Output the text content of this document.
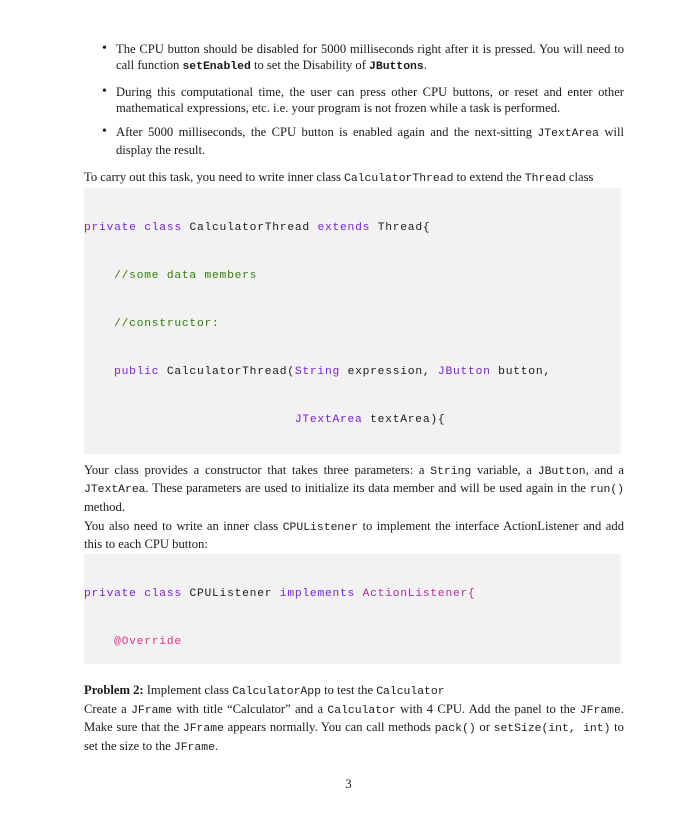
• The CPU button should be disabled for 5000 milliseconds right after it is pressed. You will need to call function setEnabled to set the Disability of JButtons.
• During this computational time, the user can press other CPU buttons, or reset and enter other mathematical expressions, etc. i.e. your program is not frozen while a task is performed.
• After 5000 milliseconds, the CPU button is enabled again and the next-sitting JTextArea will display the result.

To carry out this task, you need to write inner class CalculatorThread to extend the Thread class

private class CalculatorThread extends Thread{

//some data members

//constructor:

public CalculatorThread(String expression, JButton button,

JTextArea textArea){

Your class provides a constructor that takes three parameters: a String variable, a JButton, and a JTextArea. These parameters are used to initialize its data member and will be used again in the run() method.

You also need to write an inner class CPUListener to implement the interface ActionListener and add this to each CPU button:

private class CPUListener implements ActionListener{

@Override

Problem 2: Implement class CalculatorApp to test the Calculator

Create a JFrame with title “Calculator” and a Calculator with 4 CPU. Add the panel to the JFrame. Make sure that the JFrame appears normally. You can call methods pack() or setSize(int, int) to set the size to the JFrame.

3
